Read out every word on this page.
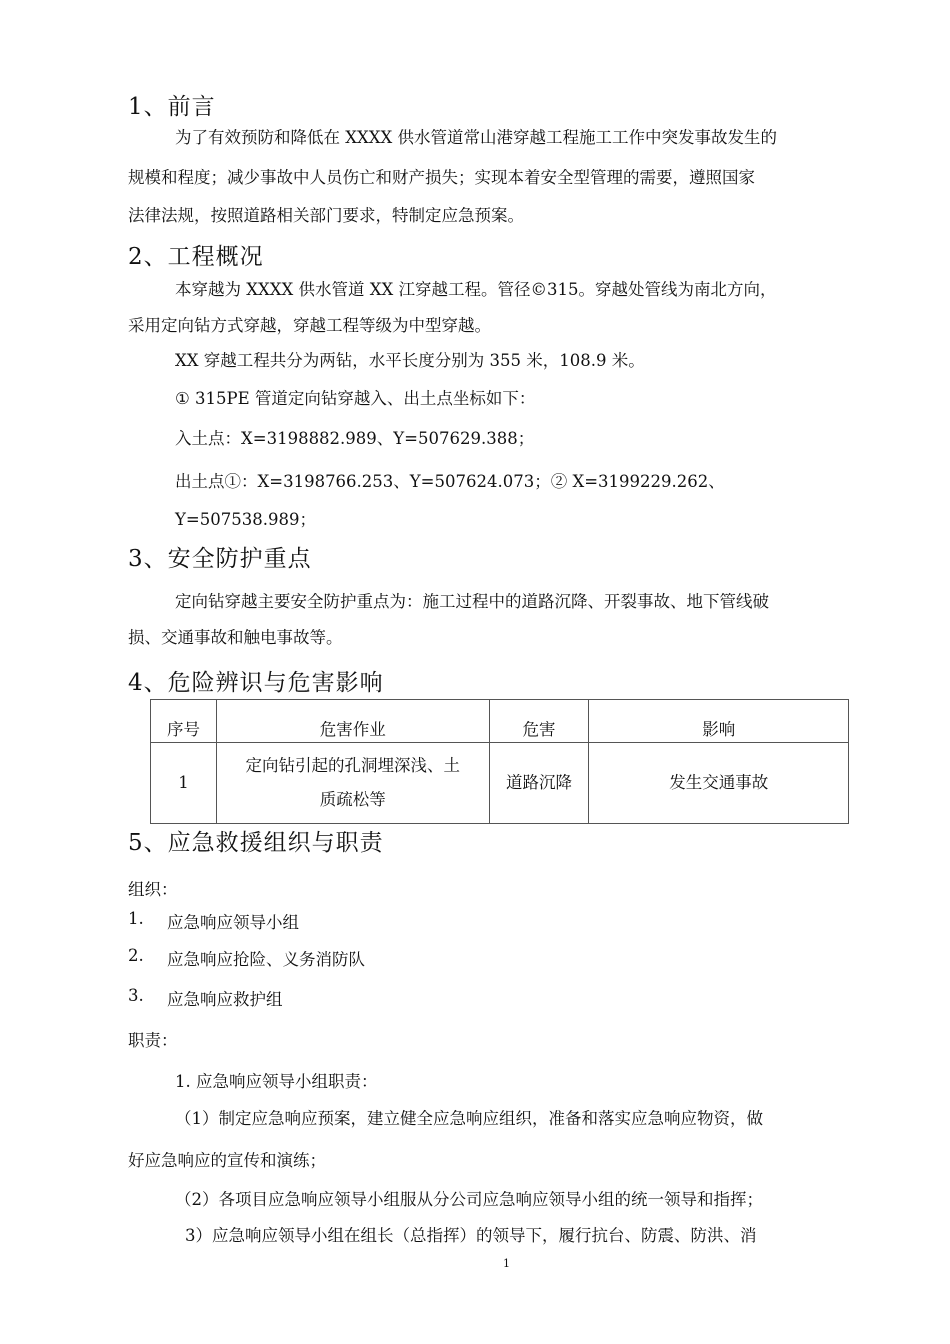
1、前言
为了有效预防和降低在 XXXX 供水管道常山港穿越工程施工工作中突发事故发生的
规模和程度；减少事故中人员伤亡和财产损失；实现本着安全型管理的需要，遵照国家
法律法规，按照道路相关部门要求，特制定应急预案。
2、工程概况
本穿越为 XXXX 供水管道 XX 江穿越工程。管径©315。穿越处管线为南北方向，
采用定向钻方式穿越，穿越工程等级为中型穿越。
XX 穿越工程共分为两钻，水平长度分别为 355 米，108.9 米。
① 315PE 管道定向钻穿越入、出土点坐标如下：
入土点：X=3198882.989、Y=507629.388；
出土点①：X=3198766.253、Y=507624.073；② X=3199229.262、
Y=507538.989；
3、安全防护重点
定向钻穿越主要安全防护重点为：施工过程中的道路沉降、开裂事故、地下管线破
损、交通事故和触电事故等。
4、危险辨识与危害影响
序号	危害作业	危害	影响
1	定向钻引起的孔洞埋深浅、土
质疏松等	道路沉降	发生交通事故
5、应急救援组织与职责
组织：
1. 应急响应领导小组
2. 应急响应抢险、义务消防队
3. 应急响应救护组
职责：
1. 应急响应领导小组职责：
（1）制定应急响应预案，建立健全应急响应组织，准备和落实应急响应物资，做
好应急响应的宣传和演练；
（2）各项目应急响应领导小组服从分公司应急响应领导小组的统一领导和指挥；
3）应急响应领导小组在组长（总指挥）的领导下，履行抗台、防震、防洪、消
1
